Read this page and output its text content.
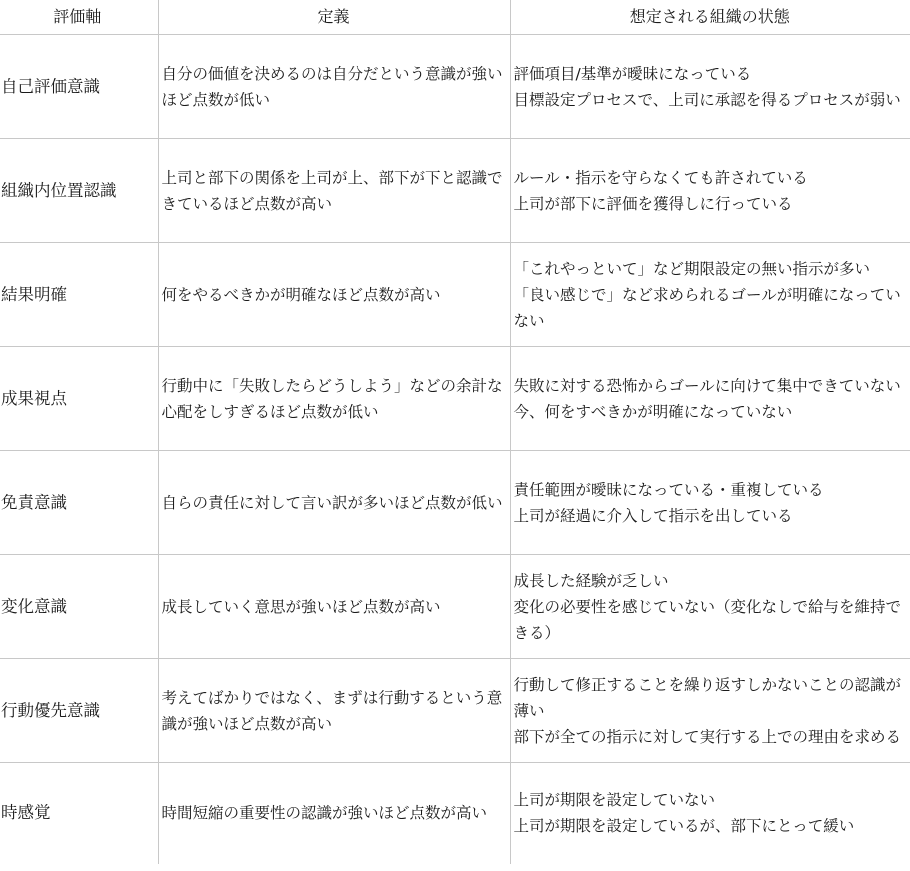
評価軸	定義	想定される組織の状態
自己評価意識	自分の価値を決めるのは自分だという意識が強いほど点数が低い	評価項目/基準が曖昧になっている
目標設定プロセスで、上司に承認を得るプロセスが弱い

組織内位置認識	上司と部下の関係を上司が上、部下が下と認識できているほど点数が高い	ルール・指示を守らなくても許されている
上司が部下に評価を獲得しに行っている

結果明確	何をやるべきかが明確なほど点数が高い	「これやっといて」など期限設定の無い指示が多い
「良い感じで」など求められるゴールが明確になっていない

成果視点	行動中に「失敗したらどうしよう」などの余計な心配をしすぎるほど点数が低い	失敗に対する恐怖からゴールに向けて集中できていない
今、何をすべきかが明確になっていない

免責意識	自らの責任に対して言い訳が多いほど点数が低い	責任範囲が曖昧になっている・重複している
上司が経過に介入して指示を出している

変化意識	成長していく意思が強いほど点数が高い	成長した経験が乏しい
変化の必要性を感じていない（変化なしで給与を維持できる）

行動優先意識	考えてばかりではなく、まずは行動するという意識が強いほど点数が高い	行動して修正することを繰り返すしかないことの認識が薄い
部下が全ての指示に対して実行する上での理由を求める

時感覚	時間短縮の重要性の認識が強いほど点数が高い	上司が期限を設定していない
上司が期限を設定しているが、部下にとって緩い
